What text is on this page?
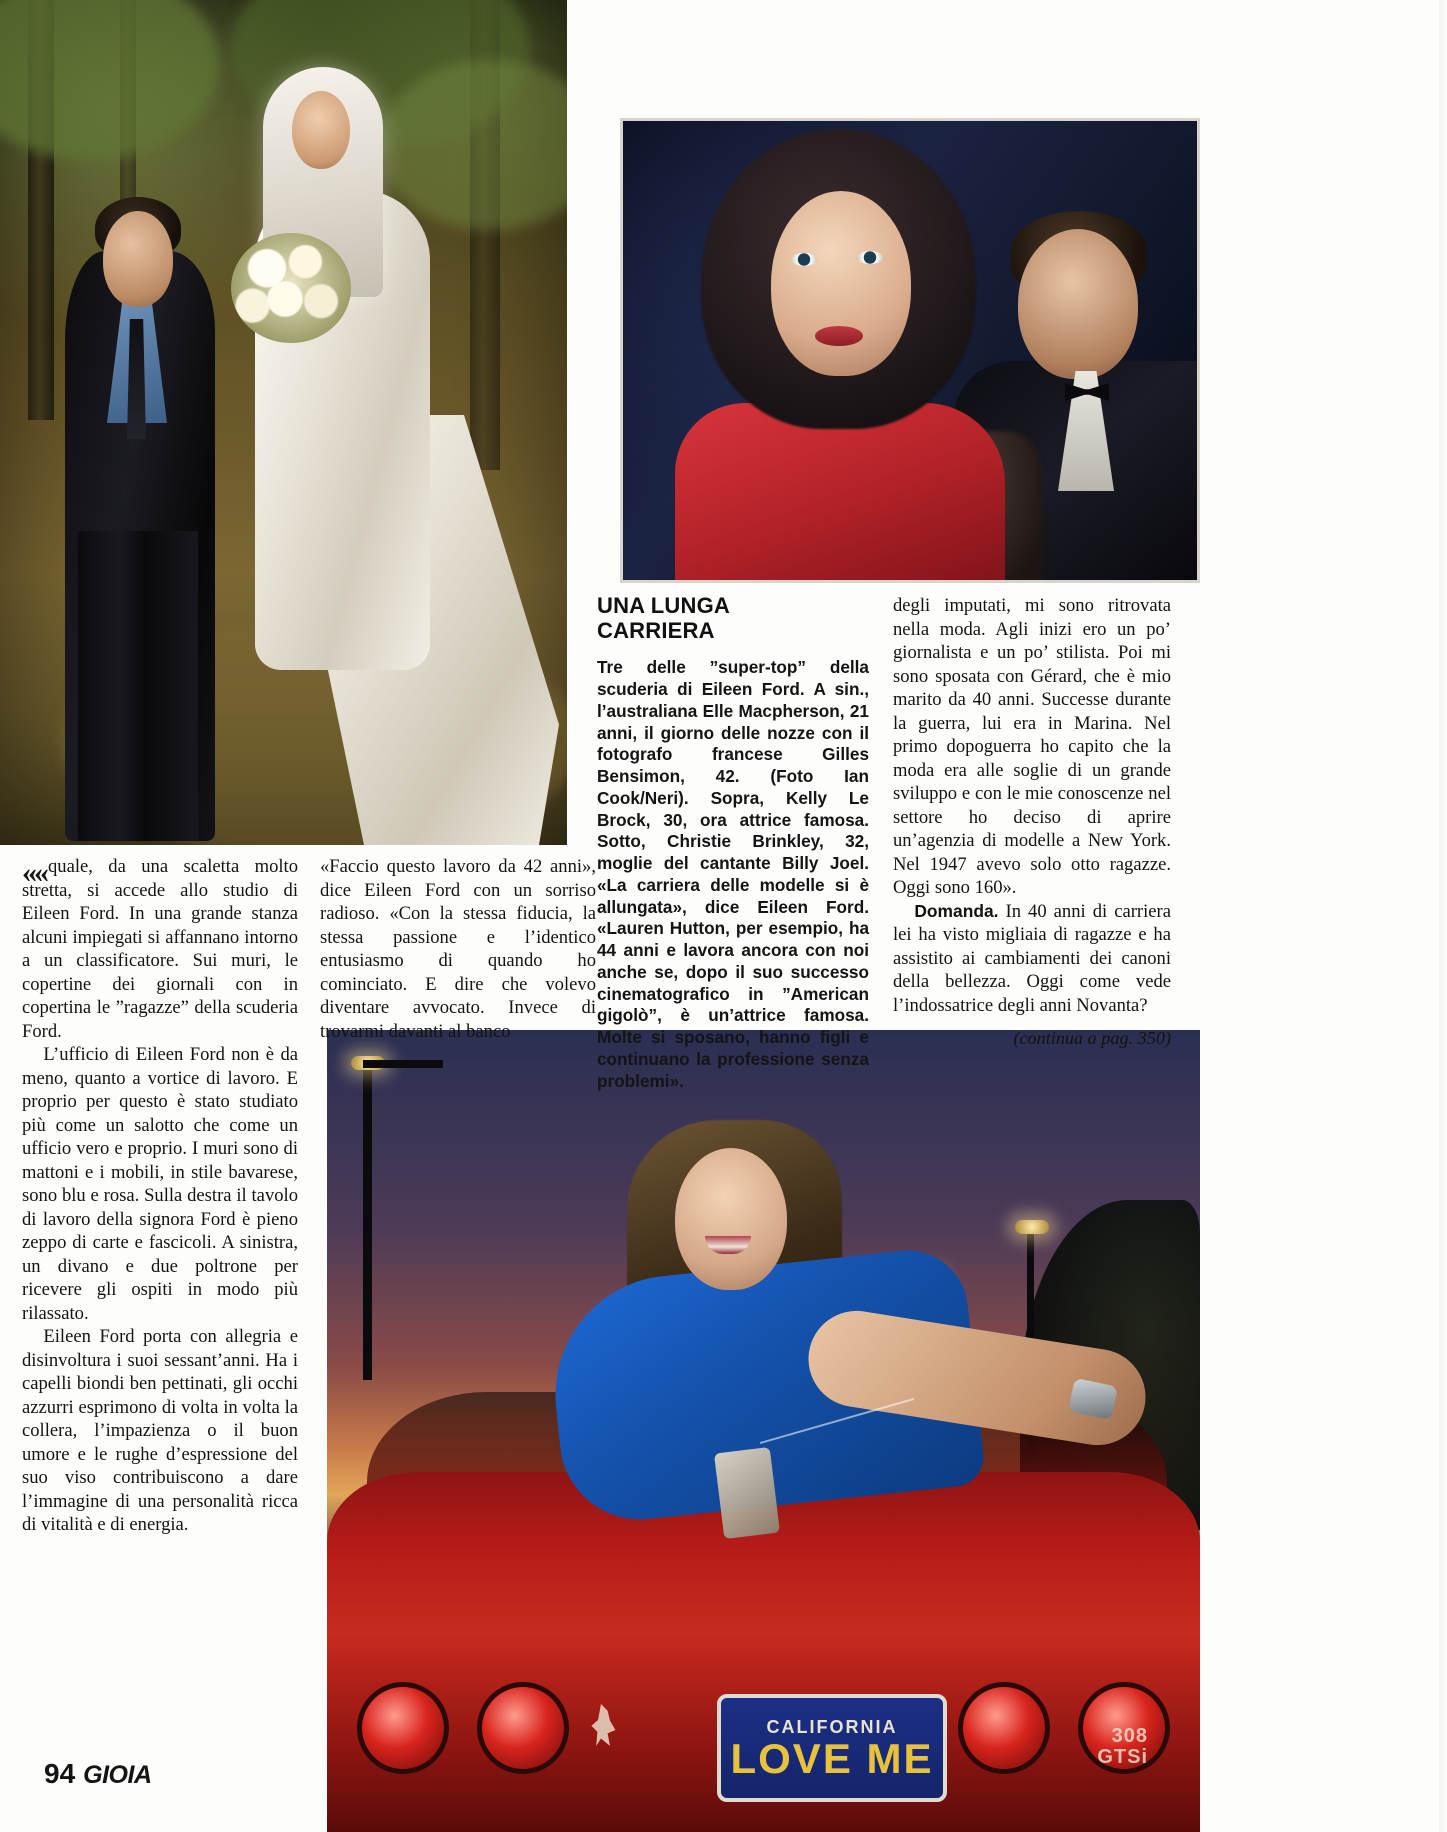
CALIFORNIA
LOVE ME	308
GTSi
«« quale, da una scaletta molto stretta, si accede allo studio di Eileen Ford. In una grande stanza alcuni impiegati si affannano intorno a un classificatore. Sui muri, le copertine dei giornali con in copertina le ”ragazze” della scuderia Ford.

L’ufficio di Eileen Ford non è da meno, quanto a vortice di lavoro. E proprio per questo è stato studiato più come un salotto che come un ufficio vero e proprio. I muri sono di mattoni e i mobili, in stile bavarese, sono blu e rosa. Sulla destra il tavolo di lavoro della signora Ford è pieno zeppo di carte e fascicoli. A sinistra, un divano e due poltrone per ricevere gli ospiti in modo più rilassato.

Eileen Ford porta con allegria e disinvoltura i suoi sessant’anni. Ha i capelli biondi ben pettinati, gli occhi azzurri esprimono di volta in volta la collera, l’impazienza o il buon umore e le rughe d’espressione del suo viso contribuiscono a dare l’immagine di una personalità ricca di vitalità e di energia.

«Faccio questo lavoro da 42 anni», dice Eileen Ford con un sorriso radioso. «Con la stessa fiducia, la stessa passione e l’identico entusiasmo di quando ho cominciato. E dire che volevo diventare avvocato. Invece di trovarmi davanti al banco

UNA LUNGA
CARRIERA
Tre delle ”super-top” della scuderia di Eileen Ford. A sin., l’australiana Elle Macpherson, 21 anni, il giorno delle nozze con il fotografo francese Gilles Bensimon, 42. (Foto Ian Cook/Neri). Sopra, Kelly Le Brock, 30, ora attrice famosa. Sotto, Christie Brinkley, 32, moglie del cantante Billy Joel. «La carriera delle modelle si è allungata», dice Eileen Ford. «Lauren Hutton, per esempio, ha 44 anni e lavora ancora con noi anche se, dopo il suo successo cinematografico in ”American gigolò”, è un’attrice famosa. Molte si sposano, hanno figli e continuano la professione senza problemi».

degli imputati, mi sono ritrovata nella moda. Agli inizi ero un po’ giornalista e un po’ stilista. Poi mi sono sposata con Gérard, che è mio marito da 40 anni. Successe durante la guerra, lui era in Marina. Nel primo dopoguerra ho capito che la moda era alle soglie di un grande sviluppo e con le mie conoscenze nel settore ho deciso di aprire un’agenzia di modelle a New York. Nel 1947 avevo solo otto ragazze. Oggi sono 160».

Domanda. In 40 anni di carriera lei ha visto migliaia di ragazze e ha assistito ai cambiamenti dei canoni della bellezza. Oggi come vede l’indossatrice degli anni Novanta?

(continua a pag. 350)
94 GIOIA
